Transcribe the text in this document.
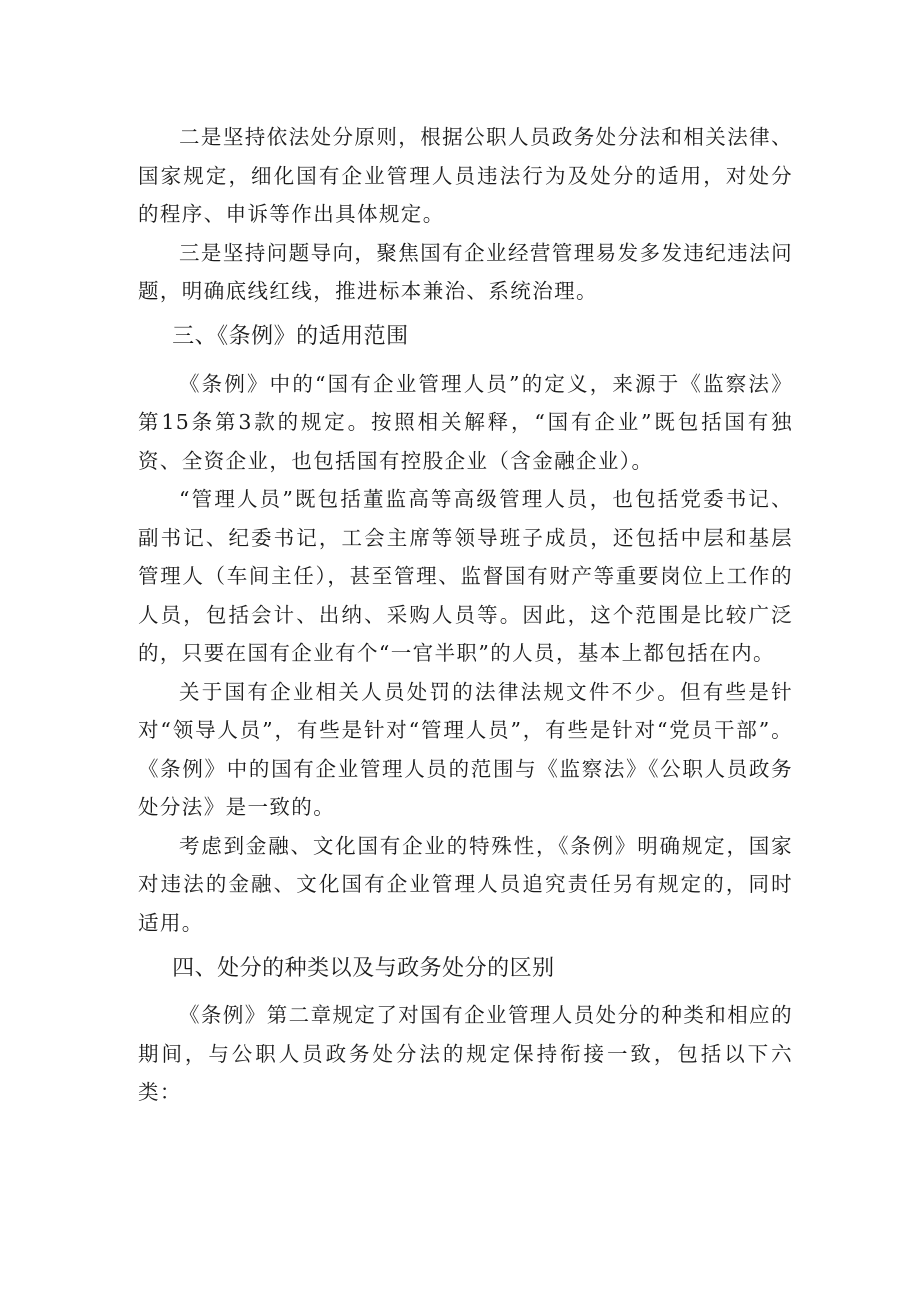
二是坚持依法处分原则，根据公职人员政务处分法和相关法律、国家规定，细化国有企业管理人员违法行为及处分的适用，对处分的程序、申诉等作出具体规定。

三是坚持问题导向，聚焦国有企业经营管理易发多发违纪违法问题，明确底线红线，推进标本兼治、系统治理。

三、《条例》的适用范围

《条例》中的“国有企业管理人员”的定义，来源于《监察法》第15条第3款的规定。按照相关解释，“国有企业”既包括国有独资、全资企业，也包括国有控股企业（含金融企业）。

“管理人员”既包括董监高等高级管理人员，也包括党委书记、副书记、纪委书记，工会主席等领导班子成员，还包括中层和基层管理人（车间主任），甚至管理、监督国有财产等重要岗位上工作的人员，包括会计、出纳、采购人员等。因此，这个范围是比较广泛的，只要在国有企业有个“一官半职”的人员，基本上都包括在内。

关于国有企业相关人员处罚的法律法规文件不少。但有些是针对“领导人员”，有些是针对“管理人员”，有些是针对“党员干部”。《条例》中的国有企业管理人员的范围与《监察法》《公职人员政务处分法》是一致的。

考虑到金融、文化国有企业的特殊性，《条例》明确规定，国家对违法的金融、文化国有企业管理人员追究责任另有规定的，同时适用。

四、处分的种类以及与政务处分的区别

《条例》第二章规定了对国有企业管理人员处分的种类和相应的期间，与公职人员政务处分法的规定保持衔接一致，包括以下六类：
